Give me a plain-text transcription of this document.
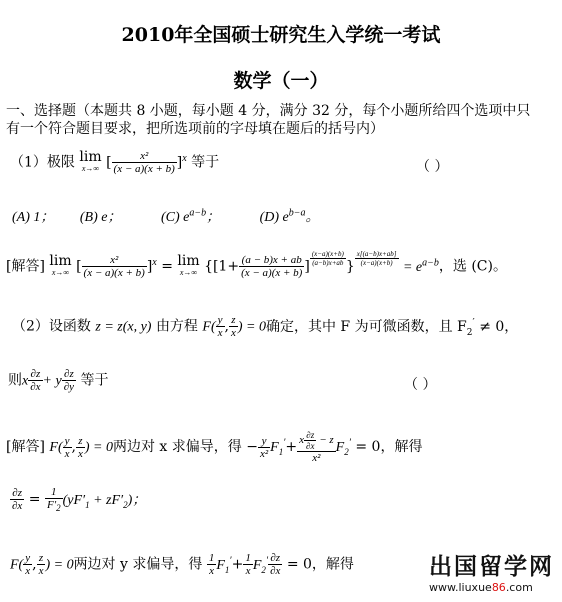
2010年全国硕士研究生入学统一考试
数学（一）
一、选择题（本题共 8 小题，每小题 4 分，满分 32 分，每个小题所给四个选项中只
有一个符合题目要求，把所选项前的字母填在题后的括号内）
（1）极限 lim
x→∞ [ $\frac{\text{x²}}{(x - a)(x + b)} ]^x$ 等于	（ ）
(A) 1； (B) e；	(C) $e^{a-b}$；	(D) $e^{b-a}$。
[解答] lim
x→∞ [ $\frac{\text{x²}}{(x - a)(x + b)} ]^x = \lim$
x→∞ {[$1+ \frac{(a - b)x + ab}{(x - a)(x + b)}$ ] $\frac{(x-a)(x+b)}{(a-b)x+ab}$ } $\frac{x[(a-b)x+ab]}{(x-a)(x+b)}$
= $e^{a-b}$，选 (C)。
（2）设函数 z = z(x, y) 由方程 $F( \frac{y}{x}$ , $\frac{z}{x}$ ) = 0确定，其中 F 为可微函数，且 $F_2' \ne 0$，
则x $\frac{\partial z}{\partial x} + y \frac{\partial z}{\partial y}$ 等于	（ ）
[解答] $F( \frac{y}{x}$ , $\frac{z}{x}$ ) = 0两边对 x 求偏导，得 − $\frac{y}{\text{x²}} F_1'+ \frac{x \frac{\partial z}{\partial x} - z}{\text{x²}} F_2' = 0$，解得
$\frac{\partial z}{\partial x} = \frac{1}{F'_2} (yF'_1 + zF'_2)$；
$F( \frac{y}{x}$ , $\frac{z}{x}$ ) = 0两边对 y 求偏导，得 $\frac{1}{x} F_1'+ \frac{1}{x} F_2' \frac{\partial z}{\partial x} = 0$，解得	出国留学网
www.liuxue86.com
